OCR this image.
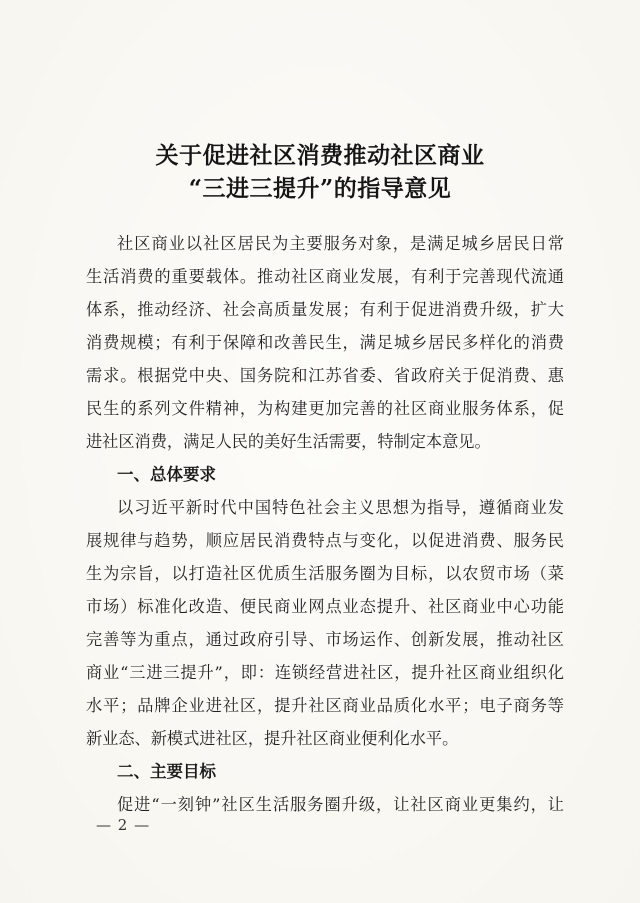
关于促进社区消费推动社区商业
“三进三提升”的指导意见
社区商业以社区居民为主要服务对象，是满足城乡居民日常
生活消费的重要载体。推动社区商业发展，有利于完善现代流通
体系，推动经济、社会高质量发展；有利于促进消费升级，扩大
消费规模；有利于保障和改善民生，满足城乡居民多样化的消费
需求。根据党中央、国务院和江苏省委、省政府关于促消费、惠
民生的系列文件精神，为构建更加完善的社区商业服务体系，促
进社区消费，满足人民的美好生活需要，特制定本意见。
一、总体要求
以习近平新时代中国特色社会主义思想为指导，遵循商业发
展规律与趋势，顺应居民消费特点与变化，以促进消费、服务民
生为宗旨，以打造社区优质生活服务圈为目标，以农贸市场（菜
市场）标准化改造、便民商业网点业态提升、社区商业中心功能
完善等为重点，通过政府引导、市场运作、创新发展，推动社区
商业“三进三提升”，即：连锁经营进社区，提升社区商业组织化
水平；品牌企业进社区，提升社区商业品质化水平；电子商务等
新业态、新模式进社区，提升社区商业便利化水平。
二、主要目标
促进“一刻钟”社区生活服务圈升级，让社区商业更集约，让
— 2 —
